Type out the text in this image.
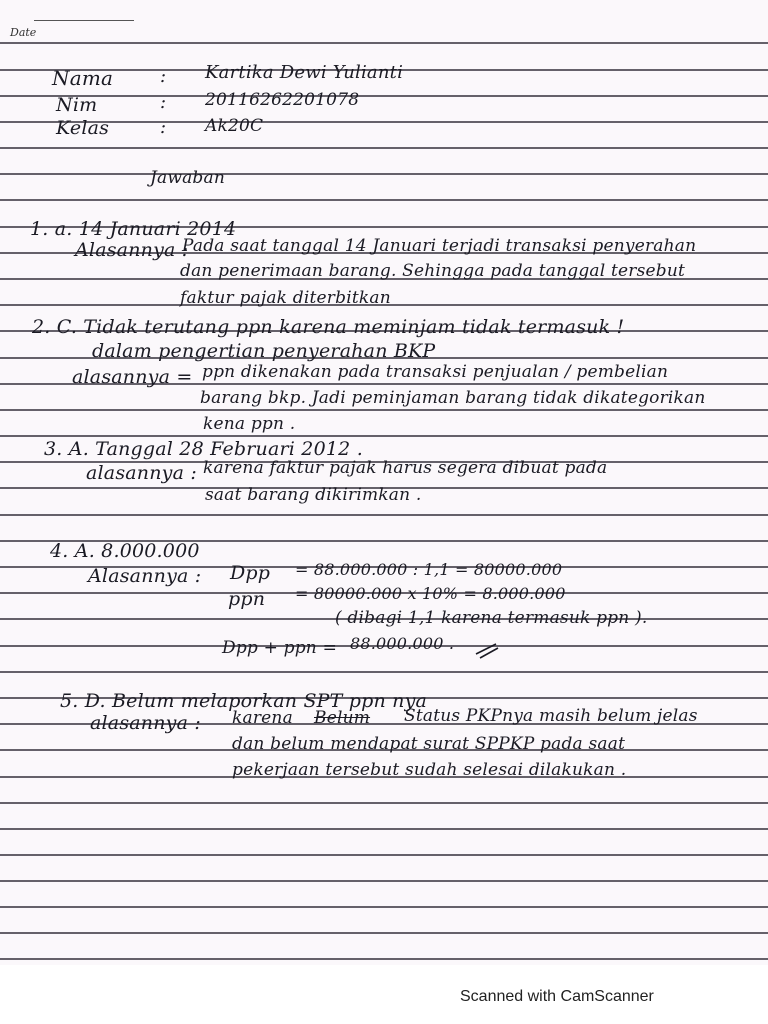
Date
Nama	: Kartika Dewi Yulianti
Nim	: 20116262201078
Kelas	: Ak20C
Jawaban
1. a. 14 Januari 2014
Alasannya :
Pada saat tanggal 14 Januari terjadi transaksi penyerahan
dan penerimaan barang. Sehingga pada tanggal tersebut
faktur pajak diterbitkan
2. C. Tidak terutang ppn karena meminjam tidak termasuk !
dalam pengertian penyerahan BKP
alasannya = ppn dikenakan pada transaksi penjualan / pembelian
barang bkp. Jadi peminjaman barang tidak dikategorikan
kena ppn .
3. A. Tanggal 28 Februari 2012 .
alasannya : karena faktur pajak harus segera dibuat pada
saat barang dikirimkan .
4. A. 8.000.000
Alasannya : Dpp = 88.000.000 : 1,1 = 80000.000
ppn = 80000.000 x 10% = 8.000.000
( dibagi 1,1 karena termasuk ppn ).
Dpp + ppn = 88.000.000 .
5. D. Belum melaporkan SPT ppn nya
alasannya : karena Belum Status PKPnya masih belum jelas
dan belum mendapat surat SPPKP pada saat
pekerjaan tersebut sudah selesai dilakukan .
Scanned with CamScanner
